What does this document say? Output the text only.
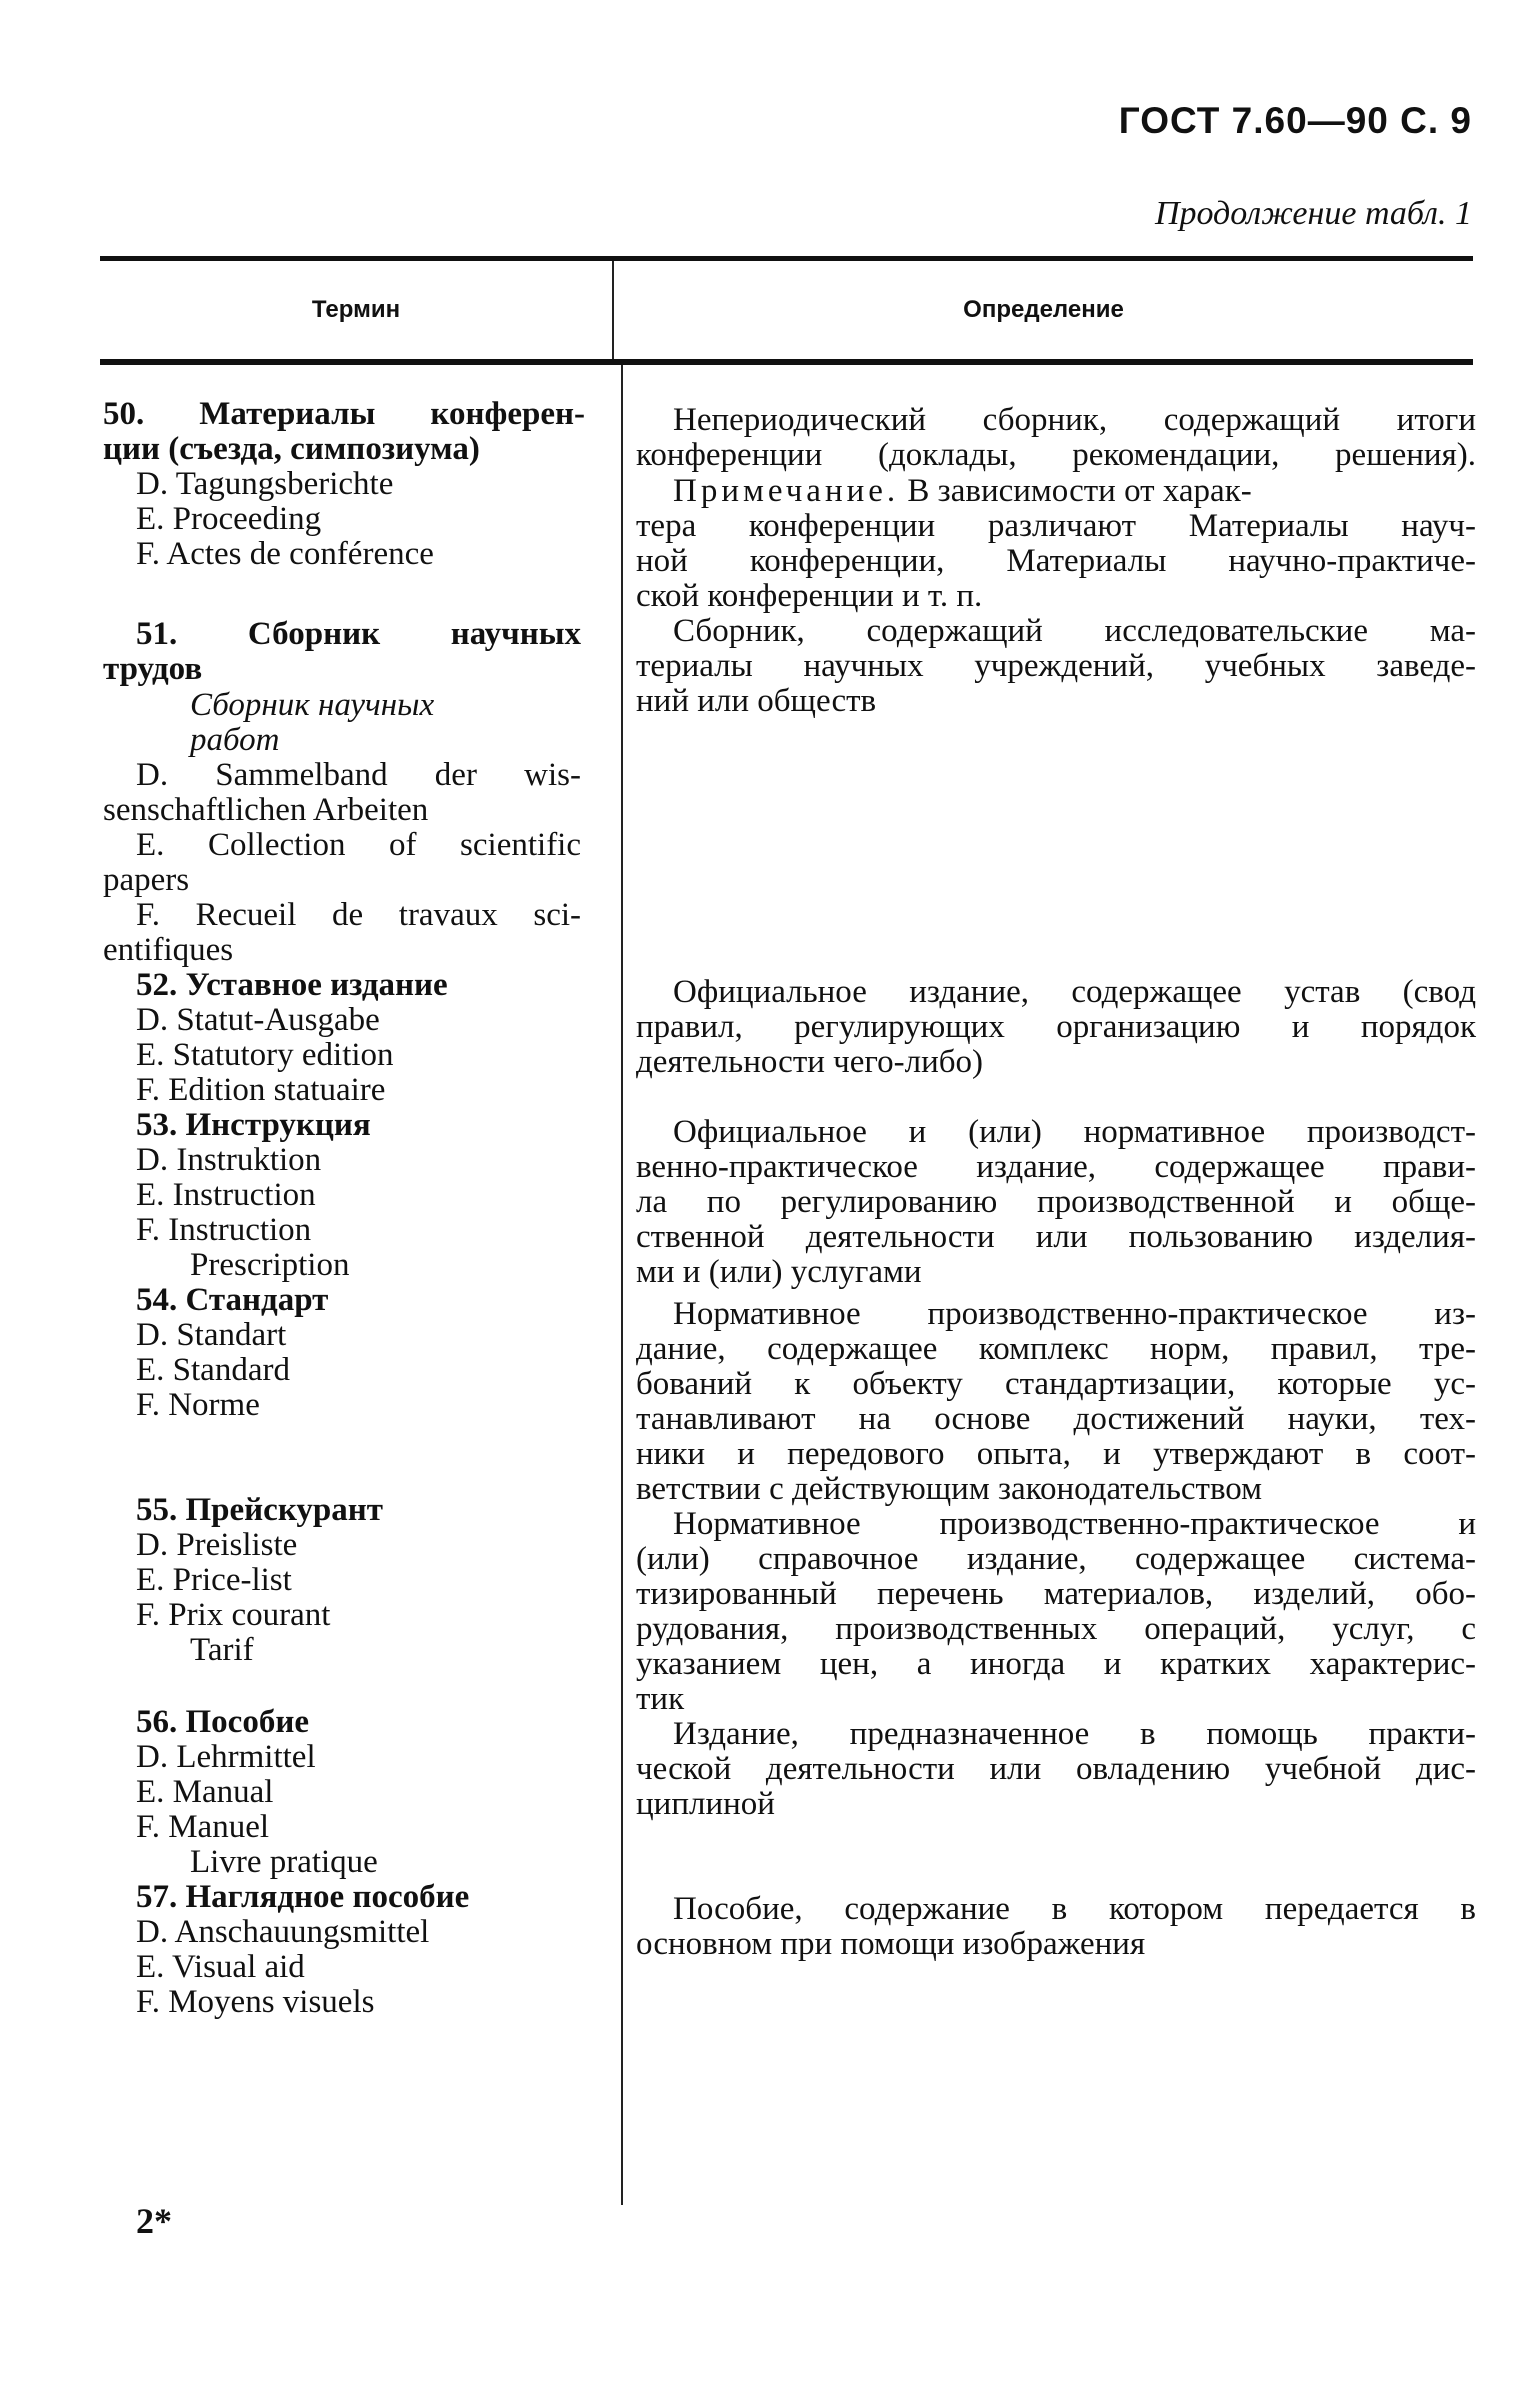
ГОСТ 7.60—90 С. 9
Продолжение табл. 1
Термин	Определение
50. Материалы конферен-
ции (съезда, симпозиума)
D. Tagungsberichte
E. Proceeding
F. Actes de conférence
51. Сборник научных
трудов
Сборник научных
работ
D. Sammelband der wis-
senschaftlichen Arbeiten
E. Collection of scientific
papers
F. Recueil de travaux sci-
entifiques
52. Уставное издание
D. Statut-Ausgabe
E. Statutory edition
F. Edition statuaire
53. Инструкция
D. Instruktion
E. Instruction
F. Instruction
Prescription
54. Стандарт
D. Standart
E. Standard
F. Norme
55. Прейскурант
D. Preisliste
E. Price-list
F. Prix courant
Tarif
56. Пособие
D. Lehrmittel
E. Manual
F. Manuel
Livre pratique
57. Наглядное пособие
D. Anschauungsmittel
E. Visual aid
F. Moyens visuels
Непериодический сборник, содержащий итоги
конференции (доклады, рекомендации, решения).
Примечание. В зависимости от харак-
тера конференции различают Материалы науч-
ной конференции, Материалы научно-практиче-
ской конференции и т. п.
Сборник, содержащий исследовательские ма-
териалы научных учреждений, учебных заведе-
ний или обществ
Официальное издание, содержащее устав (свод
правил, регулирующих организацию и порядок
деятельности чего-либо)
Официальное и (или) нормативное производст-
венно-практическое издание, содержащее прави-
ла по регулированию производственной и обще-
ственной деятельности или пользованию изделия-
ми и (или) услугами
Нормативное производственно-практическое из-
дание, содержащее комплекс норм, правил, тре-
бований к объекту стандартизации, которые ус-
танавливают на основе достижений науки, тех-
ники и передового опыта, и утверждают в соот-
ветствии с действующим законодательством
Нормативное производственно-практическое и
(или) справочное издание, содержащее система-
тизированный перечень материалов, изделий, обо-
рудования, производственных операций, услуг, с
указанием цен, а иногда и кратких характерис-
тик
Издание, предназначенное в помощь практи-
ческой деятельности или овладению учебной дис-
циплиной
Пособие, содержание в котором передается в
основном при помощи изображения
2*
